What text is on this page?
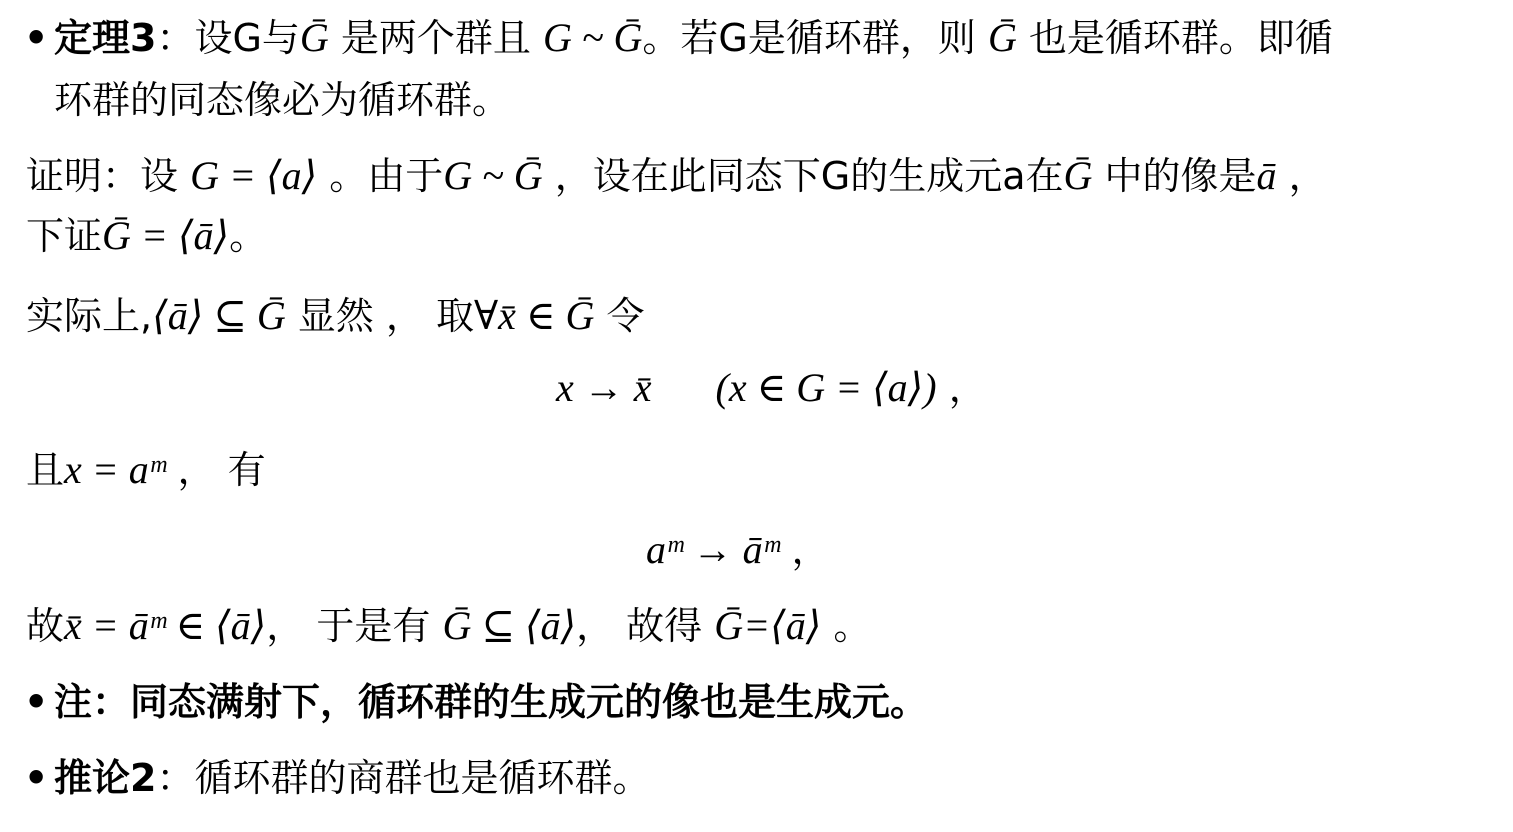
• 定理3：设G与Ḡ 是两个群且 G ~ Ḡ。若G是循环群，则 Ḡ 也是循环群。即循
环群的同态像必为循环群。
证明：设 G = ⟨a⟩ 。由于G ~ Ḡ ，设在此同态下G的生成元a在Ḡ 中的像是ā ，
下证Ḡ = ⟨ā⟩。
实际上,⟨ā⟩ ⊆ Ḡ 显然 ， 取∀x̄ ∈ Ḡ 令
x → x̄ (x ∈ G = ⟨a⟩) ，
且x = aᵐ ， 有
aᵐ → āᵐ ，
故x̄ = āᵐ ∈ ⟨ā⟩， 于是有 Ḡ ⊆ ⟨ā⟩， 故得 Ḡ=⟨ā⟩ 。
• 注：同态满射下，循环群的生成元的像也是生成元。
• 推论2：循环群的商群也是循环群。
